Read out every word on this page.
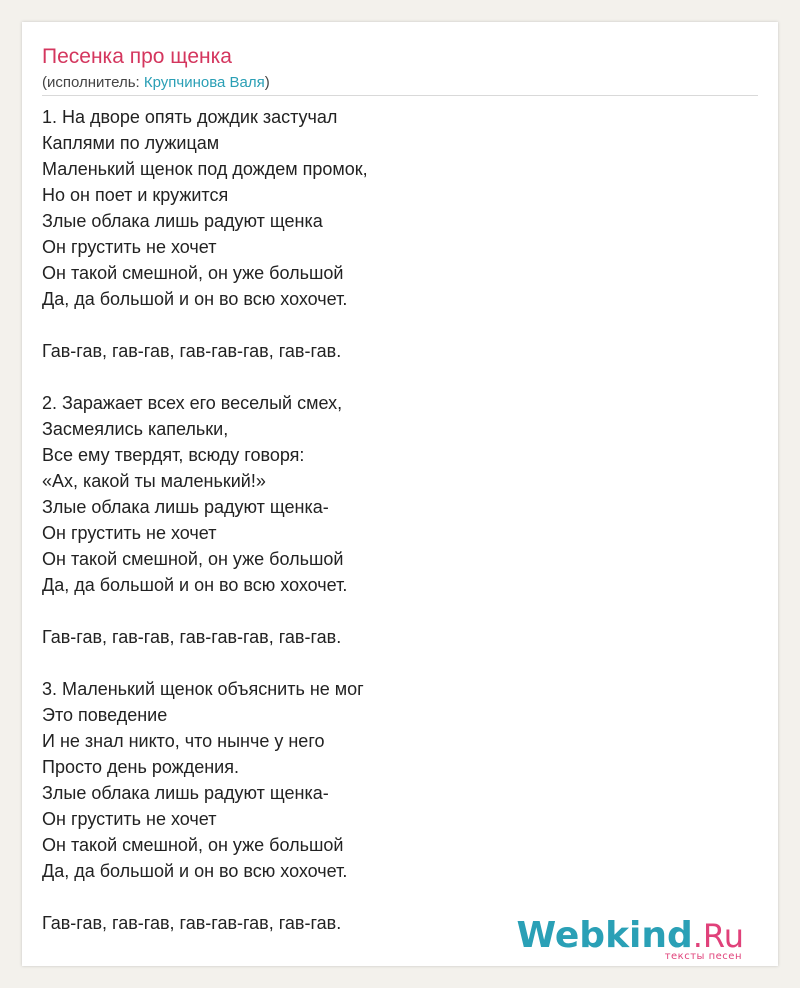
Песенка про щенка
(исполнитель: Крупчинова Валя)
1. На дворе опять дождик застучал
Каплями по лужицам
Маленький щенок под дождем промок,
Но он поет и кружится
Злые облака лишь радуют щенка
Он грустить не хочет
Он такой смешной, он уже большой
Да, да большой и он во всю хохочет.
Гав-гав, гав-гав, гав-гав-гав, гав-гав.
2. Заражает всех его веселый смех,
Засмеялись капельки,
Все ему твердят, всюду говоря:
«Ах, какой ты маленький!»
Злые облака лишь радуют щенка-
Он грустить не хочет
Он такой смешной, он уже большой
Да, да большой и он во всю хохочет.
Гав-гав, гав-гав, гав-гав-гав, гав-гав.
3. Маленький щенок объяснить не мог
Это поведение
И не знал никто, что нынче у него
Просто день рождения.
Злые облака лишь радуют щенка-
Он грустить не хочет
Он такой смешной, он уже большой
Да, да большой и он во всю хохочет.
Гав-гав, гав-гав, гав-гав-гав, гав-гав.	Webkind.Ru
тексты песен
